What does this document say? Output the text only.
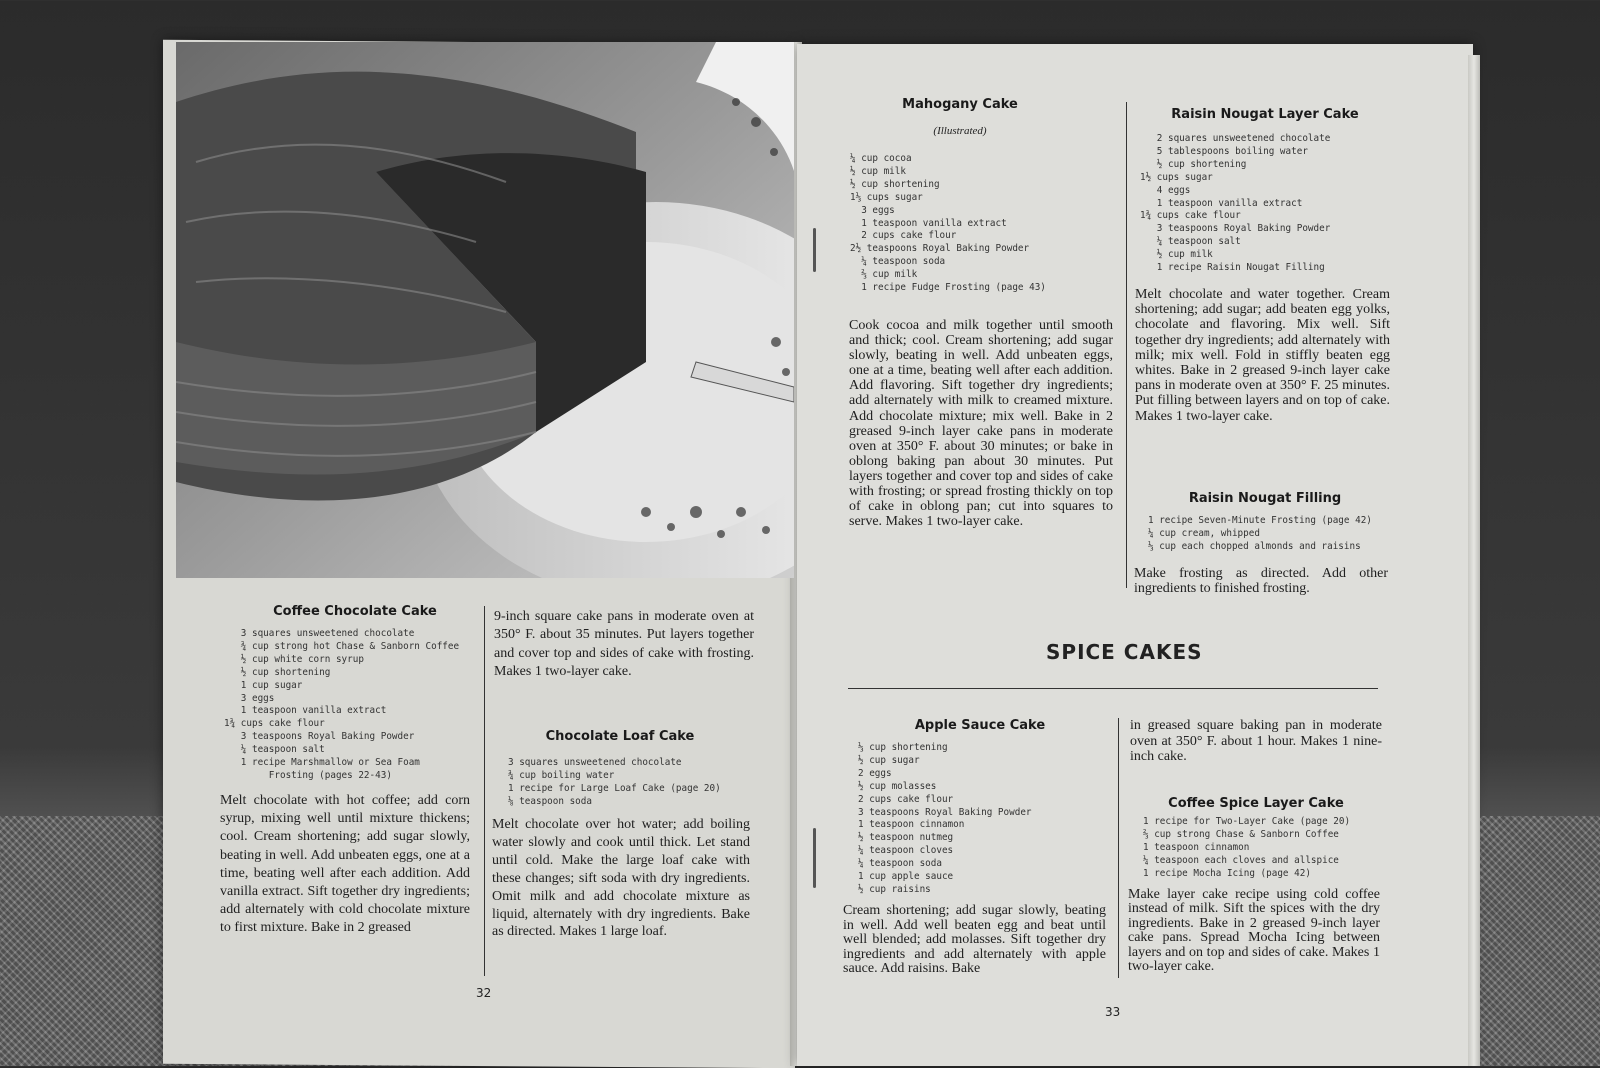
Coffee Chocolate Cake
3 squares unsweetened chocolate
¾ cup strong hot Chase & Sanborn Coffee
½ cup white corn syrup
½ cup shortening
1 cup sugar
3 eggs
1 teaspoon vanilla extract
1¾ cups cake flour
3 teaspoons Royal Baking Powder
¼ teaspoon salt
1 recipe Marshmallow or Sea Foam
Frosting (pages 22-43)
Melt chocolate with hot coffee; add corn syrup, mixing well until mixture thickens; cool. Cream shortening; add sugar slowly, beating in well. Add unbeaten eggs, one at a time, beating well after each addition. Add vanilla extract. Sift together dry ingredients; add alternately with cold chocolate mixture to first mixture. Bake in 2 greased
9-inch square cake pans in moderate oven at 350° F. about 35 minutes. Put layers together and cover top and sides of cake with frosting. Makes 1 two-layer cake.
Chocolate Loaf Cake
3 squares unsweetened chocolate
¾ cup boiling water
1 recipe for Large Loaf Cake (page 20)
⅛ teaspoon soda
Melt chocolate over hot water; add boiling water slowly and cook until thick. Let stand until cold. Make the large loaf cake with these changes; sift soda with dry ingredients. Omit milk and add chocolate mixture as liquid, alternately with dry ingredients. Bake as directed. Makes 1 large loaf.
32
Mahogany Cake
(Illustrated)
¼ cup cocoa
½ cup milk
½ cup shortening
1⅓ cups sugar
3 eggs
1 teaspoon vanilla extract
2 cups cake flour
2½ teaspoons Royal Baking Powder
¼ teaspoon soda
⅔ cup milk
1 recipe Fudge Frosting (page 43)
Cook cocoa and milk together until smooth and thick; cool. Cream shortening; add sugar slowly, beating in well. Add unbeaten eggs, one at a time, beating well after each addition. Add flavoring. Sift together dry ingredients; add alternately with milk to creamed mixture. Add chocolate mixture; mix well. Bake in 2 greased 9-inch layer cake pans in moderate oven at 350° F. about 30 minutes; or bake in oblong baking pan about 30 minutes. Put layers together and cover top and sides of cake with frosting; or spread frosting thickly on top of cake in oblong pan; cut into squares to serve. Makes 1 two-layer cake.
Raisin Nougat Layer Cake
2 squares unsweetened chocolate
5 tablespoons boiling water
½ cup shortening
1½ cups sugar
4 eggs
1 teaspoon vanilla extract
1¾ cups cake flour
3 teaspoons Royal Baking Powder
¼ teaspoon salt
½ cup milk
1 recipe Raisin Nougat Filling
Melt chocolate and water together. Cream shortening; add sugar; add beaten egg yolks, chocolate and flavoring. Mix well. Sift together dry ingredients; add alternately with milk; mix well. Fold in stiffly beaten egg whites. Bake in 2 greased 9-inch layer cake pans in moderate oven at 350° F. 25 minutes. Put filling between layers and on top of cake. Makes 1 two-layer cake.
Raisin Nougat Filling
1 recipe Seven-Minute Frosting (page 42)
¼ cup cream, whipped
⅓ cup each chopped almonds and raisins
Make frosting as directed. Add other ingredients to finished frosting.
SPICE CAKES
Apple Sauce Cake
⅓ cup shortening
½ cup sugar
2 eggs
½ cup molasses
2 cups cake flour
3 teaspoons Royal Baking Powder
1 teaspoon cinnamon
½ teaspoon nutmeg
¼ teaspoon cloves
¼ teaspoon soda
1 cup apple sauce
½ cup raisins
Cream shortening; add sugar slowly, beating in well. Add well beaten egg and beat until well blended; add molasses. Sift together dry ingredients and add alternately with apple sauce. Add raisins. Bake
in greased square baking pan in moderate oven at 350° F. about 1 hour. Makes 1 nine-inch cake.
Coffee Spice Layer Cake
1 recipe for Two-Layer Cake (page 20)
⅔ cup strong Chase & Sanborn Coffee
1 teaspoon cinnamon
¼ teaspoon each cloves and allspice
1 recipe Mocha Icing (page 42)
Make layer cake recipe using cold coffee instead of milk. Sift the spices with the dry ingredients. Bake in 2 greased 9-inch layer cake pans. Spread Mocha Icing between layers and on top and sides of cake. Makes 1 two-layer cake.
33
